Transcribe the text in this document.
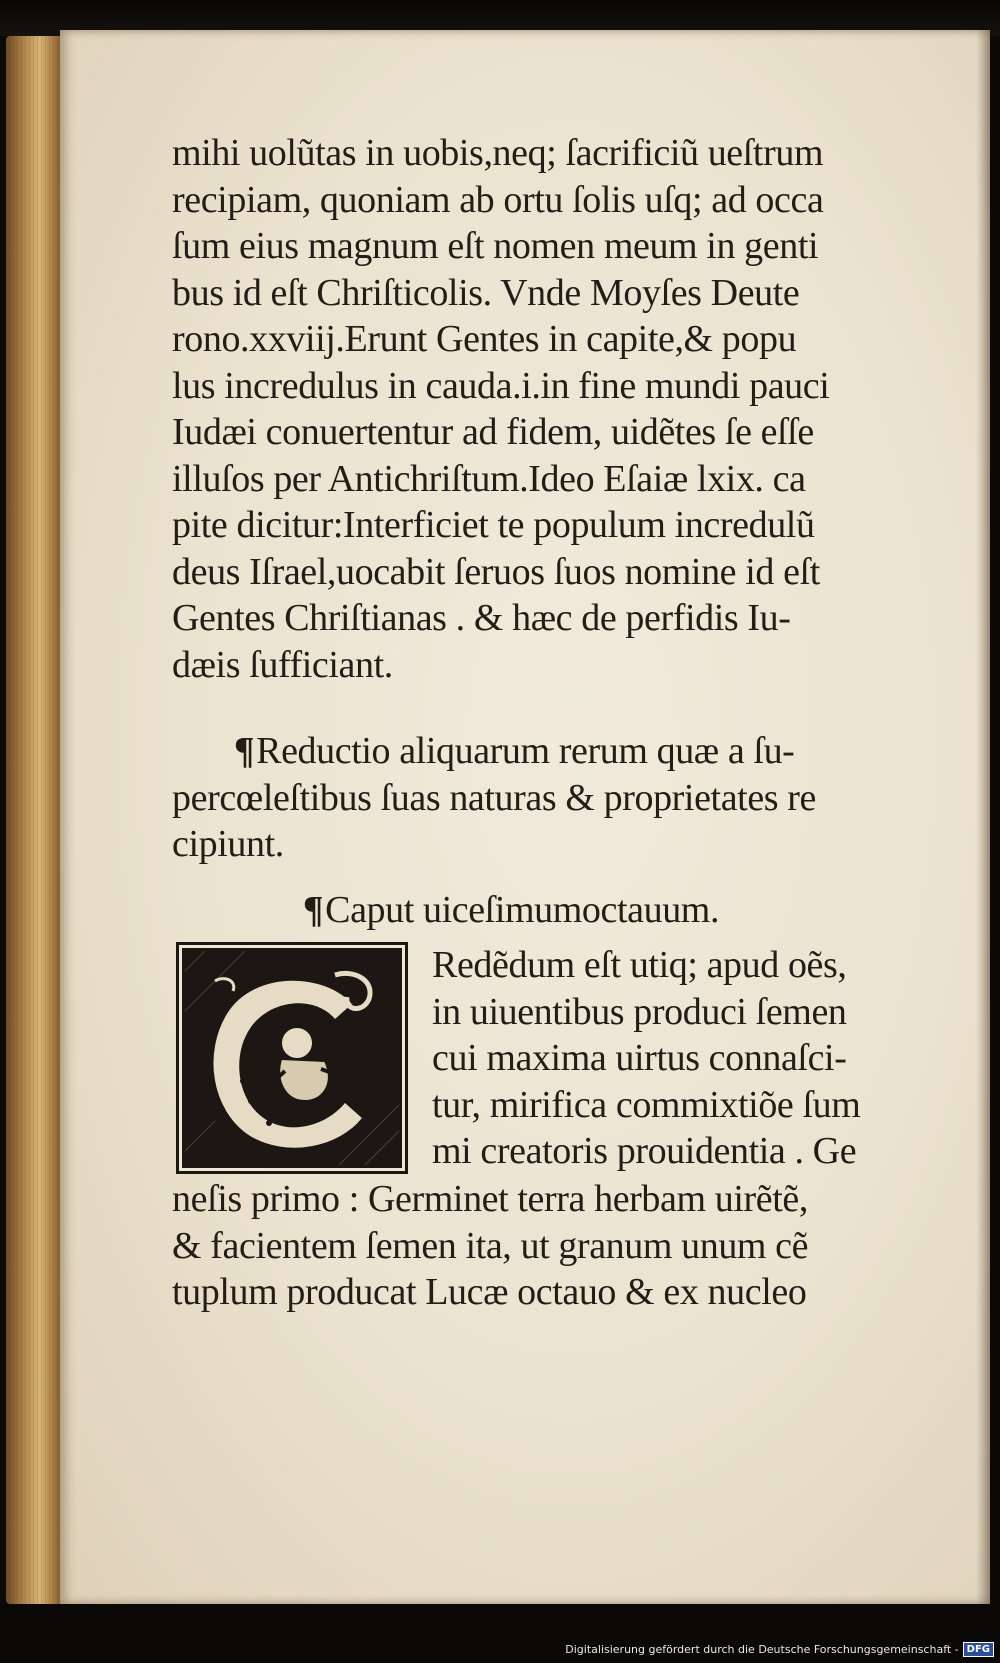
mihi uolũtas in uobis,neq; ſacrificiũ ueſtrum
recipiam, quoniam ab ortu ſolis uſq; ad occa
ſum eius magnum eſt nomen meum in genti
bus id eſt Chriſticolis. Vnde Moyſes Deute
rono.xxviij.Erunt Gentes in capite,& popu
lus incredulus in cauda.i.in fine mundi pauci
Iudæi conuertentur ad fidem, uidẽtes ſe eſſe
illuſos per Antichriſtum.Ideo Eſaiæ lxix. ca
pite dicitur:Interficiet te populum incredulũ
deus Iſrael,uocabit ſeruos ſuos nomine id eſt
Gentes Chriſtianas . & hæc de perfidis Iu-
dæis ſufficiant.
¶Reductio aliquarum rerum quæ a ſu-
percœleſtibus ſuas naturas & proprietates re
cipiunt.
¶Caput uiceſimumoctauum.
Redẽdum eſt utiq; apud oẽs,
in uiuentibus produci ſemen
cui maxima uirtus connaſci-
tur, mirifica commixtiõe ſum
mi creatoris prouidentia . Ge
neſis primo : Germinet terra herbam uirẽtẽ,
& facientem ſemen ita, ut granum unum cẽ
tuplum producat Lucæ octauo & ex nucleo
Digitalisierung gefördert durch die Deutsche Forschungsgemeinschaft - DFG
